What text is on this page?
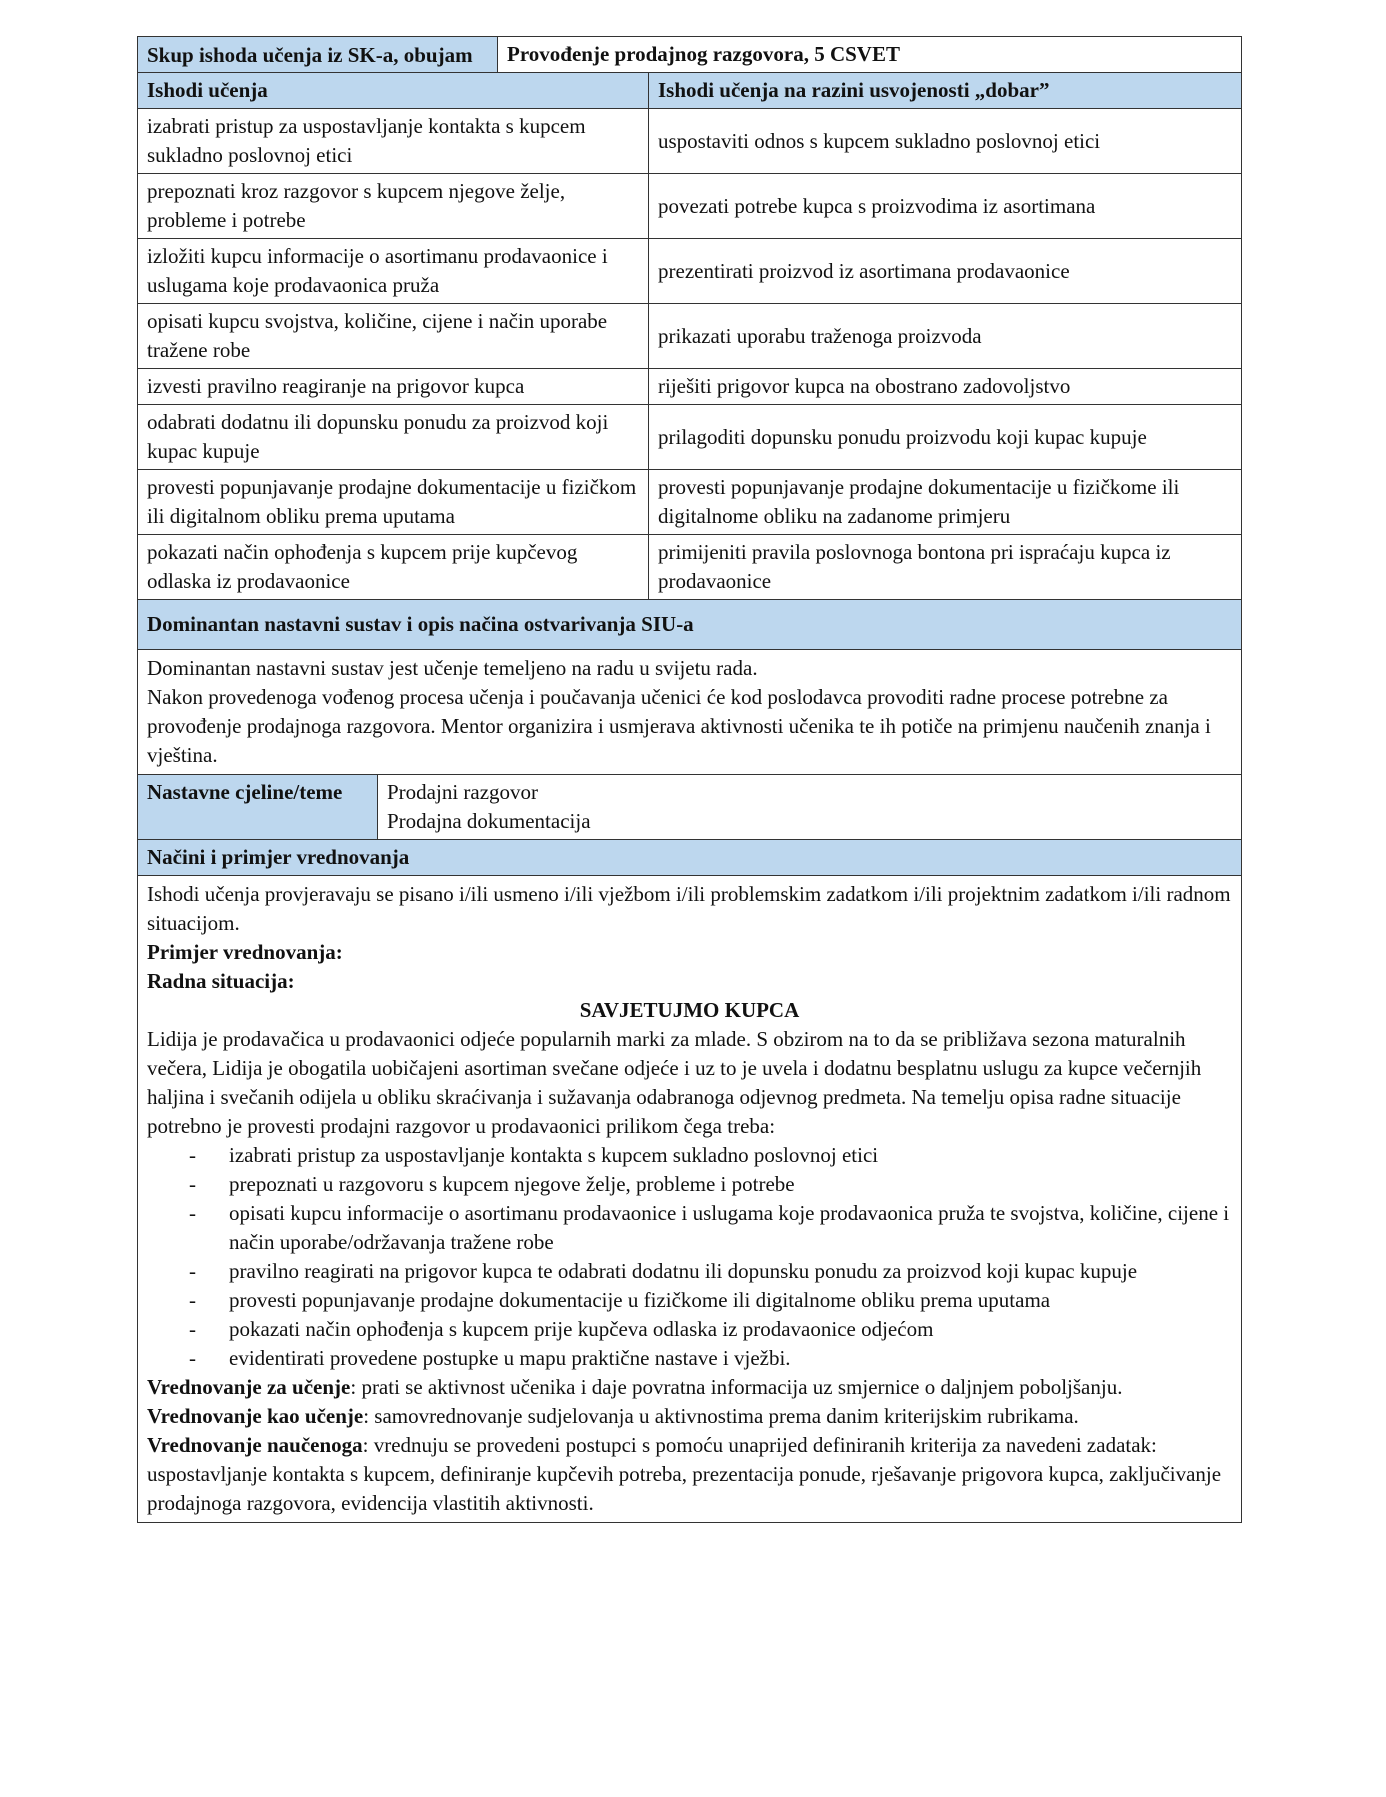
Skup ishoda učenja iz SK-a, obujam	Provođenje prodajnog razgovora, 5 CSVET
Ishodi učenja	Ishodi učenja na razini usvojenosti „dobar”
izabrati pristup za uspostavljanje kontakta s kupcem sukladno poslovnoj etici	uspostaviti odnos s kupcem sukladno poslovnoj etici
prepoznati kroz razgovor s kupcem njegove želje, probleme i potrebe	povezati potrebe kupca s proizvodima iz asortimana
izložiti kupcu informacije o asortimanu prodavaonice i uslugama koje prodavaonica pruža	prezentirati proizvod iz asortimana prodavaonice
opisati kupcu svojstva, količine, cijene i način uporabe tražene robe	prikazati uporabu traženoga proizvoda
izvesti pravilno reagiranje na prigovor kupca	riješiti prigovor kupca na obostrano zadovoljstvo
odabrati dodatnu ili dopunsku ponudu za proizvod koji kupac kupuje	prilagoditi dopunsku ponudu proizvodu koji kupac kupuje
provesti popunjavanje prodajne dokumentacije u fizičkom ili digitalnom obliku prema uputama	provesti popunjavanje prodajne dokumentacije u fizičkome ili digitalnome obliku na zadanome primjeru
pokazati način ophođenja s kupcem prije kupčevog odlaska iz prodavaonice	primijeniti pravila poslovnoga bontona pri ispraćaju kupca iz prodavaonice
Dominantan nastavni sustav i opis načina ostvarivanja SIU-a

Dominantan nastavni sustav jest učenje temeljeno na radu u svijetu rada.

Nakon provedenoga vođenog procesa učenja i poučavanja učenici će kod poslodavca provoditi radne procese potrebne za provođenje prodajnoga razgovora. Mentor organizira i usmjerava aktivnosti učenika te ih potiče na primjenu naučenih znanja i vještina.

Nastavne cjeline/teme	Prodajni razgovor

Prodajna dokumentacija

Načini i primjer vrednovanja

Ishodi učenja provjeravaju se pisano i/ili usmeno i/ili vježbom i/ili problemskim zadatkom i/ili projektnim zadatkom i/ili radnom situacijom.

Primjer vrednovanja:

Radna situacija:

SAVJETUJMO KUPCA

Lidija je prodavačica u prodavaonici odjeće popularnih marki za mlade. S obzirom na to da se približava sezona maturalnih večera, Lidija je obogatila uobičajeni asortiman svečane odjeće i uz to je uvela i dodatnu besplatnu uslugu za kupce večernjih haljina i svečanih odijela u obliku skraćivanja i sužavanja odabranoga odjevnog predmeta. Na temelju opisa radne situacije potrebno je provesti prodajni razgovor u prodavaonici prilikom čega treba:

- izabrati pristup za uspostavljanje kontakta s kupcem sukladno poslovnoj etici
- prepoznati u razgovoru s kupcem njegove želje, probleme i potrebe
- opisati kupcu informacije o asortimanu prodavaonice i uslugama koje prodavaonica pruža te svojstva, količine, cijene i način uporabe/održavanja tražene robe
- pravilno reagirati na prigovor kupca te odabrati dodatnu ili dopunsku ponudu za proizvod koji kupac kupuje
- provesti popunjavanje prodajne dokumentacije u fizičkome ili digitalnome obliku prema uputama
- pokazati način ophođenja s kupcem prije kupčeva odlaska iz prodavaonice odjećom
- evidentirati provedene postupke u mapu praktične nastave i vježbi.

Vrednovanje za učenje: prati se aktivnost učenika i daje povratna informacija uz smjernice o daljnjem poboljšanju.

Vrednovanje kao učenje: samovrednovanje sudjelovanja u aktivnostima prema danim kriterijskim rubrikama.

Vrednovanje naučenoga: vrednuju se provedeni postupci s pomoću unaprijed definiranih kriterija za navedeni zadatak: uspostavljanje kontakta s kupcem, definiranje kupčevih potreba, prezentacija ponude, rješavanje prigovora kupca, zaključivanje prodajnoga razgovora, evidencija vlastitih aktivnosti.
